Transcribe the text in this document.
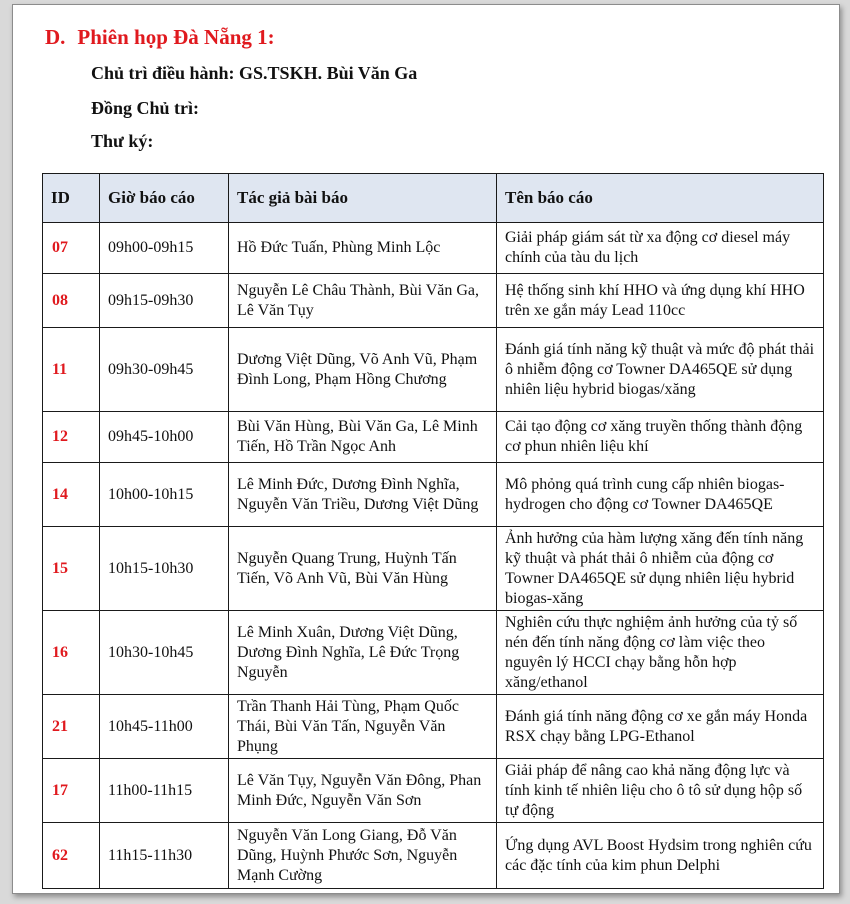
D. Phiên họp Đà Nẵng 1:
Chủ trì điều hành: GS.TSKH. Bùi Văn Ga
Đồng Chủ trì:
Thư ký:
ID	Giờ báo cáo	Tác giả bài báo	Tên báo cáo
07	09h00-09h15	Hồ Đức Tuấn, Phùng Minh Lộc	Giải pháp giám sát từ xa động cơ diesel máy chính của tàu du lịch
08	09h15-09h30	Nguyễn Lê Châu Thành, Bùi Văn Ga, Lê Văn Tụy	Hệ thống sinh khí HHO và ứng dụng khí HHO trên xe gắn máy Lead 110cc
11	09h30-09h45	Dương Việt Dũng, Võ Anh Vũ, Phạm Đình Long, Phạm Hồng Chương	Đánh giá tính năng kỹ thuật và mức độ phát thải ô nhiễm động cơ Towner DA465QE sử dụng nhiên liệu hybrid biogas/xăng
12	09h45-10h00	Bùi Văn Hùng, Bùi Văn Ga, Lê Minh Tiến, Hồ Trần Ngọc Anh	Cải tạo động cơ xăng truyền thống thành động cơ phun nhiên liệu khí
14	10h00-10h15	Lê Minh Đức, Dương Đình Nghĩa, Nguyễn Văn Triều, Dương Việt Dũng	Mô phỏng quá trình cung cấp nhiên biogas-hydrogen cho động cơ Towner DA465QE
15	10h15-10h30	Nguyễn Quang Trung, Huỳnh Tấn Tiến, Võ Anh Vũ, Bùi Văn Hùng	Ảnh hưởng của hàm lượng xăng đến tính năng kỹ thuật và phát thải ô nhiễm của động cơ Towner DA465QE sử dụng nhiên liệu hybrid biogas-xăng
16	10h30-10h45	Lê Minh Xuân, Dương Việt Dũng, Dương Đình Nghĩa, Lê Đức Trọng Nguyễn	Nghiên cứu thực nghiệm ảnh hưởng của tỷ số nén đến tính năng động cơ làm việc theo nguyên lý HCCI chạy bằng hỗn hợp xăng/ethanol
21	10h45-11h00	Trần Thanh Hải Tùng, Phạm Quốc Thái, Bùi Văn Tấn, Nguyễn Văn Phụng	Đánh giá tính năng động cơ xe gắn máy Honda RSX chạy bằng LPG-Ethanol
17	11h00-11h15	Lê Văn Tụy, Nguyễn Văn Đông, Phan Minh Đức, Nguyễn Văn Sơn	Giải pháp để nâng cao khả năng động lực và tính kinh tế nhiên liệu cho ô tô sử dụng hộp số tự động
62	11h15-11h30	Nguyễn Văn Long Giang, Đỗ Văn Dũng, Huỳnh Phước Sơn, Nguyễn Mạnh Cường	Ứng dụng AVL Boost Hydsim trong nghiên cứu các đặc tính của kim phun Delphi
